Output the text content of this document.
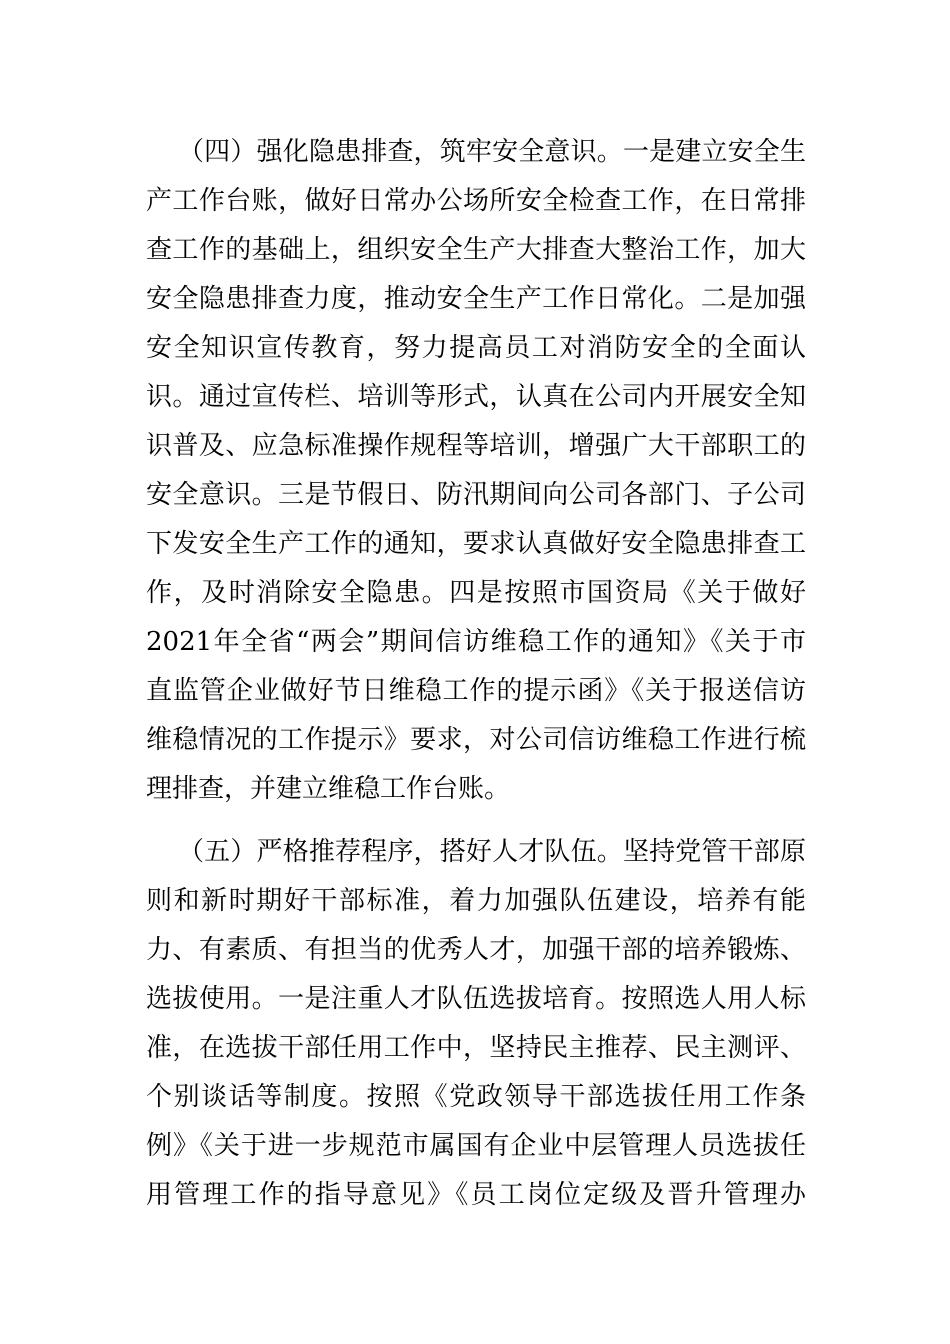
（四）强化隐患排查，筑牢安全意识。一是建立安全生
产工作台账，做好日常办公场所安全检查工作，在日常排
查工作的基础上，组织安全生产大排查大整治工作，加大
安全隐患排查力度，推动安全生产工作日常化。二是加强
安全知识宣传教育，努力提高员工对消防安全的全面认
识。通过宣传栏、培训等形式，认真在公司内开展安全知
识普及、应急标准操作规程等培训，增强广大干部职工的
安全意识。三是节假日、防汛期间向公司各部门、子公司
下发安全生产工作的通知，要求认真做好安全隐患排查工
作，及时消除安全隐患。四是按照市国资局《关于做好
2021年全省“两会”期间信访维稳工作的通知》《关于市
直监管企业做好节日维稳工作的提示函》《关于报送信访
维稳情况的工作提示》要求，对公司信访维稳工作进行梳
理排查，并建立维稳工作台账。
（五）严格推荐程序，搭好人才队伍。坚持党管干部原
则和新时期好干部标准，着力加强队伍建设，培养有能
力、有素质、有担当的优秀人才，加强干部的培养锻炼、
选拔使用。一是注重人才队伍选拔培育。按照选人用人标
准，在选拔干部任用工作中，坚持民主推荐、民主测评、
个别谈话等制度。按照《党政领导干部选拔任用工作条
例》《关于进一步规范市属国有企业中层管理人员选拔任
用管理工作的指导意见》《员工岗位定级及晋升管理办
